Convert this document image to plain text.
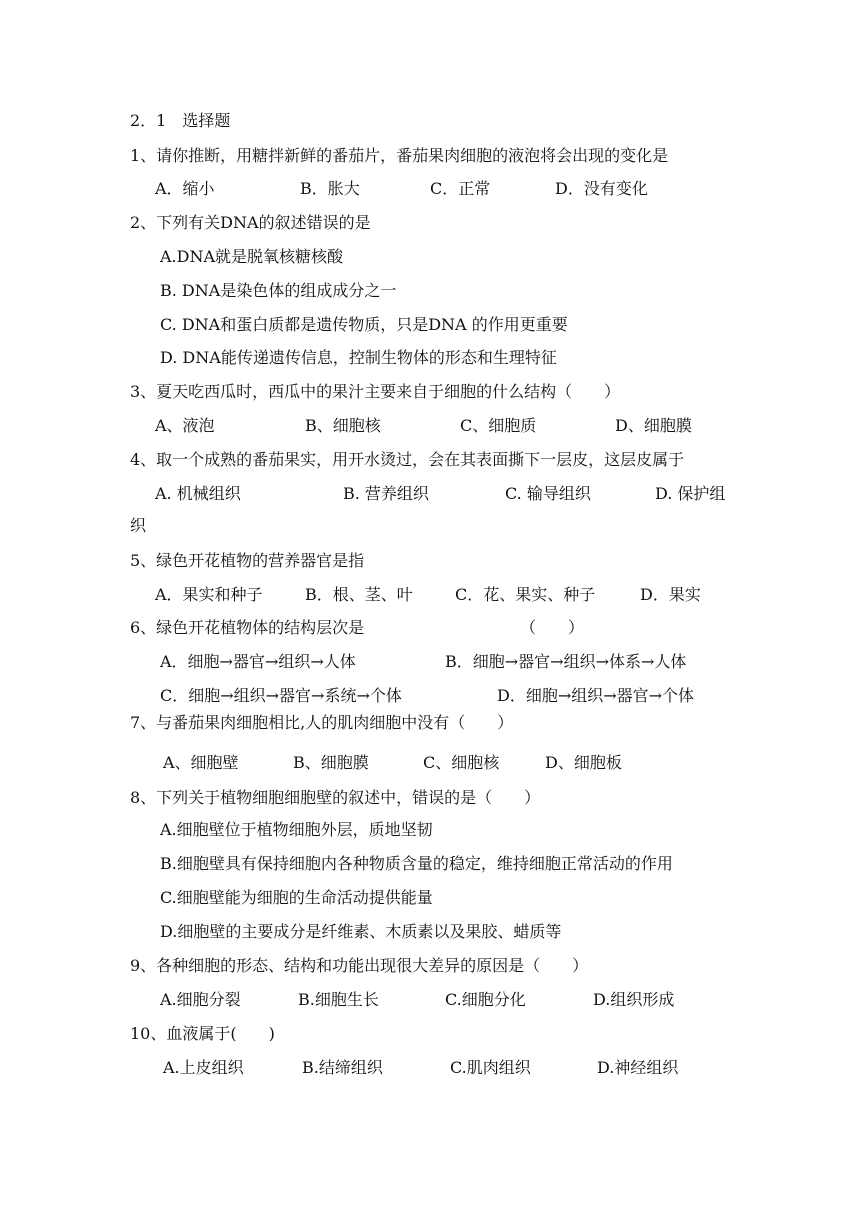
2．1　选择题
1、请你推断，用糖拌新鲜的番茄片，番茄果肉细胞的液泡将会出现的变化是
A．缩小	B．胀大	C．正常	D．没有变化
2、下列有关DNA的叙述错误的是
A.DNA就是脱氧核糖核酸
B. DNA是染色体的组成成分之一
C. DNA和蛋白质都是遗传物质，只是DNA 的作用更重要
D. DNA能传递遗传信息，控制生物体的形态和生理特征
3、夏天吃西瓜时，西瓜中的果汁主要来自于细胞的什么结构（　　）
A、液泡	B、细胞核	C、细胞质	D、细胞膜
4、取一个成熟的番茄果实，用开水烫过，会在其表面撕下一层皮，这层皮属于
A. 机械组织	B. 营养组织	C. 输导组织	D. 保护组
织
5、绿色开花植物的营养器官是指
A．果实和种子	B．根、茎、叶	C．花、果实、种子	D．果实
6、绿色开花植物体的结构层次是	（　　）
A．细胞→器官→组织→人体	B．细胞→器官→组织→体系→人体
C．细胞→组织→器官→系统→个体	D．细胞→组织→器官→个体
7、与番茄果肉细胞相比,人的肌肉细胞中没有（　　）
A、细胞壁	B、细胞膜	C、细胞核	D、细胞板
8、下列关于植物细胞细胞壁的叙述中，错误的是（　　）
A.细胞壁位于植物细胞外层，质地坚韧
B.细胞壁具有保持细胞内各种物质含量的稳定，维持细胞正常活动的作用
C.细胞壁能为细胞的生命活动提供能量
D.细胞壁的主要成分是纤维素、木质素以及果胶、蜡质等
9、各种细胞的形态、结构和功能出现很大差异的原因是（　　）
A.细胞分裂	B.细胞生长	C.细胞分化	D.组织形成
10、血液属于(　　)
A.上皮组织	B.结缔组织	C.肌肉组织	D.神经组织
